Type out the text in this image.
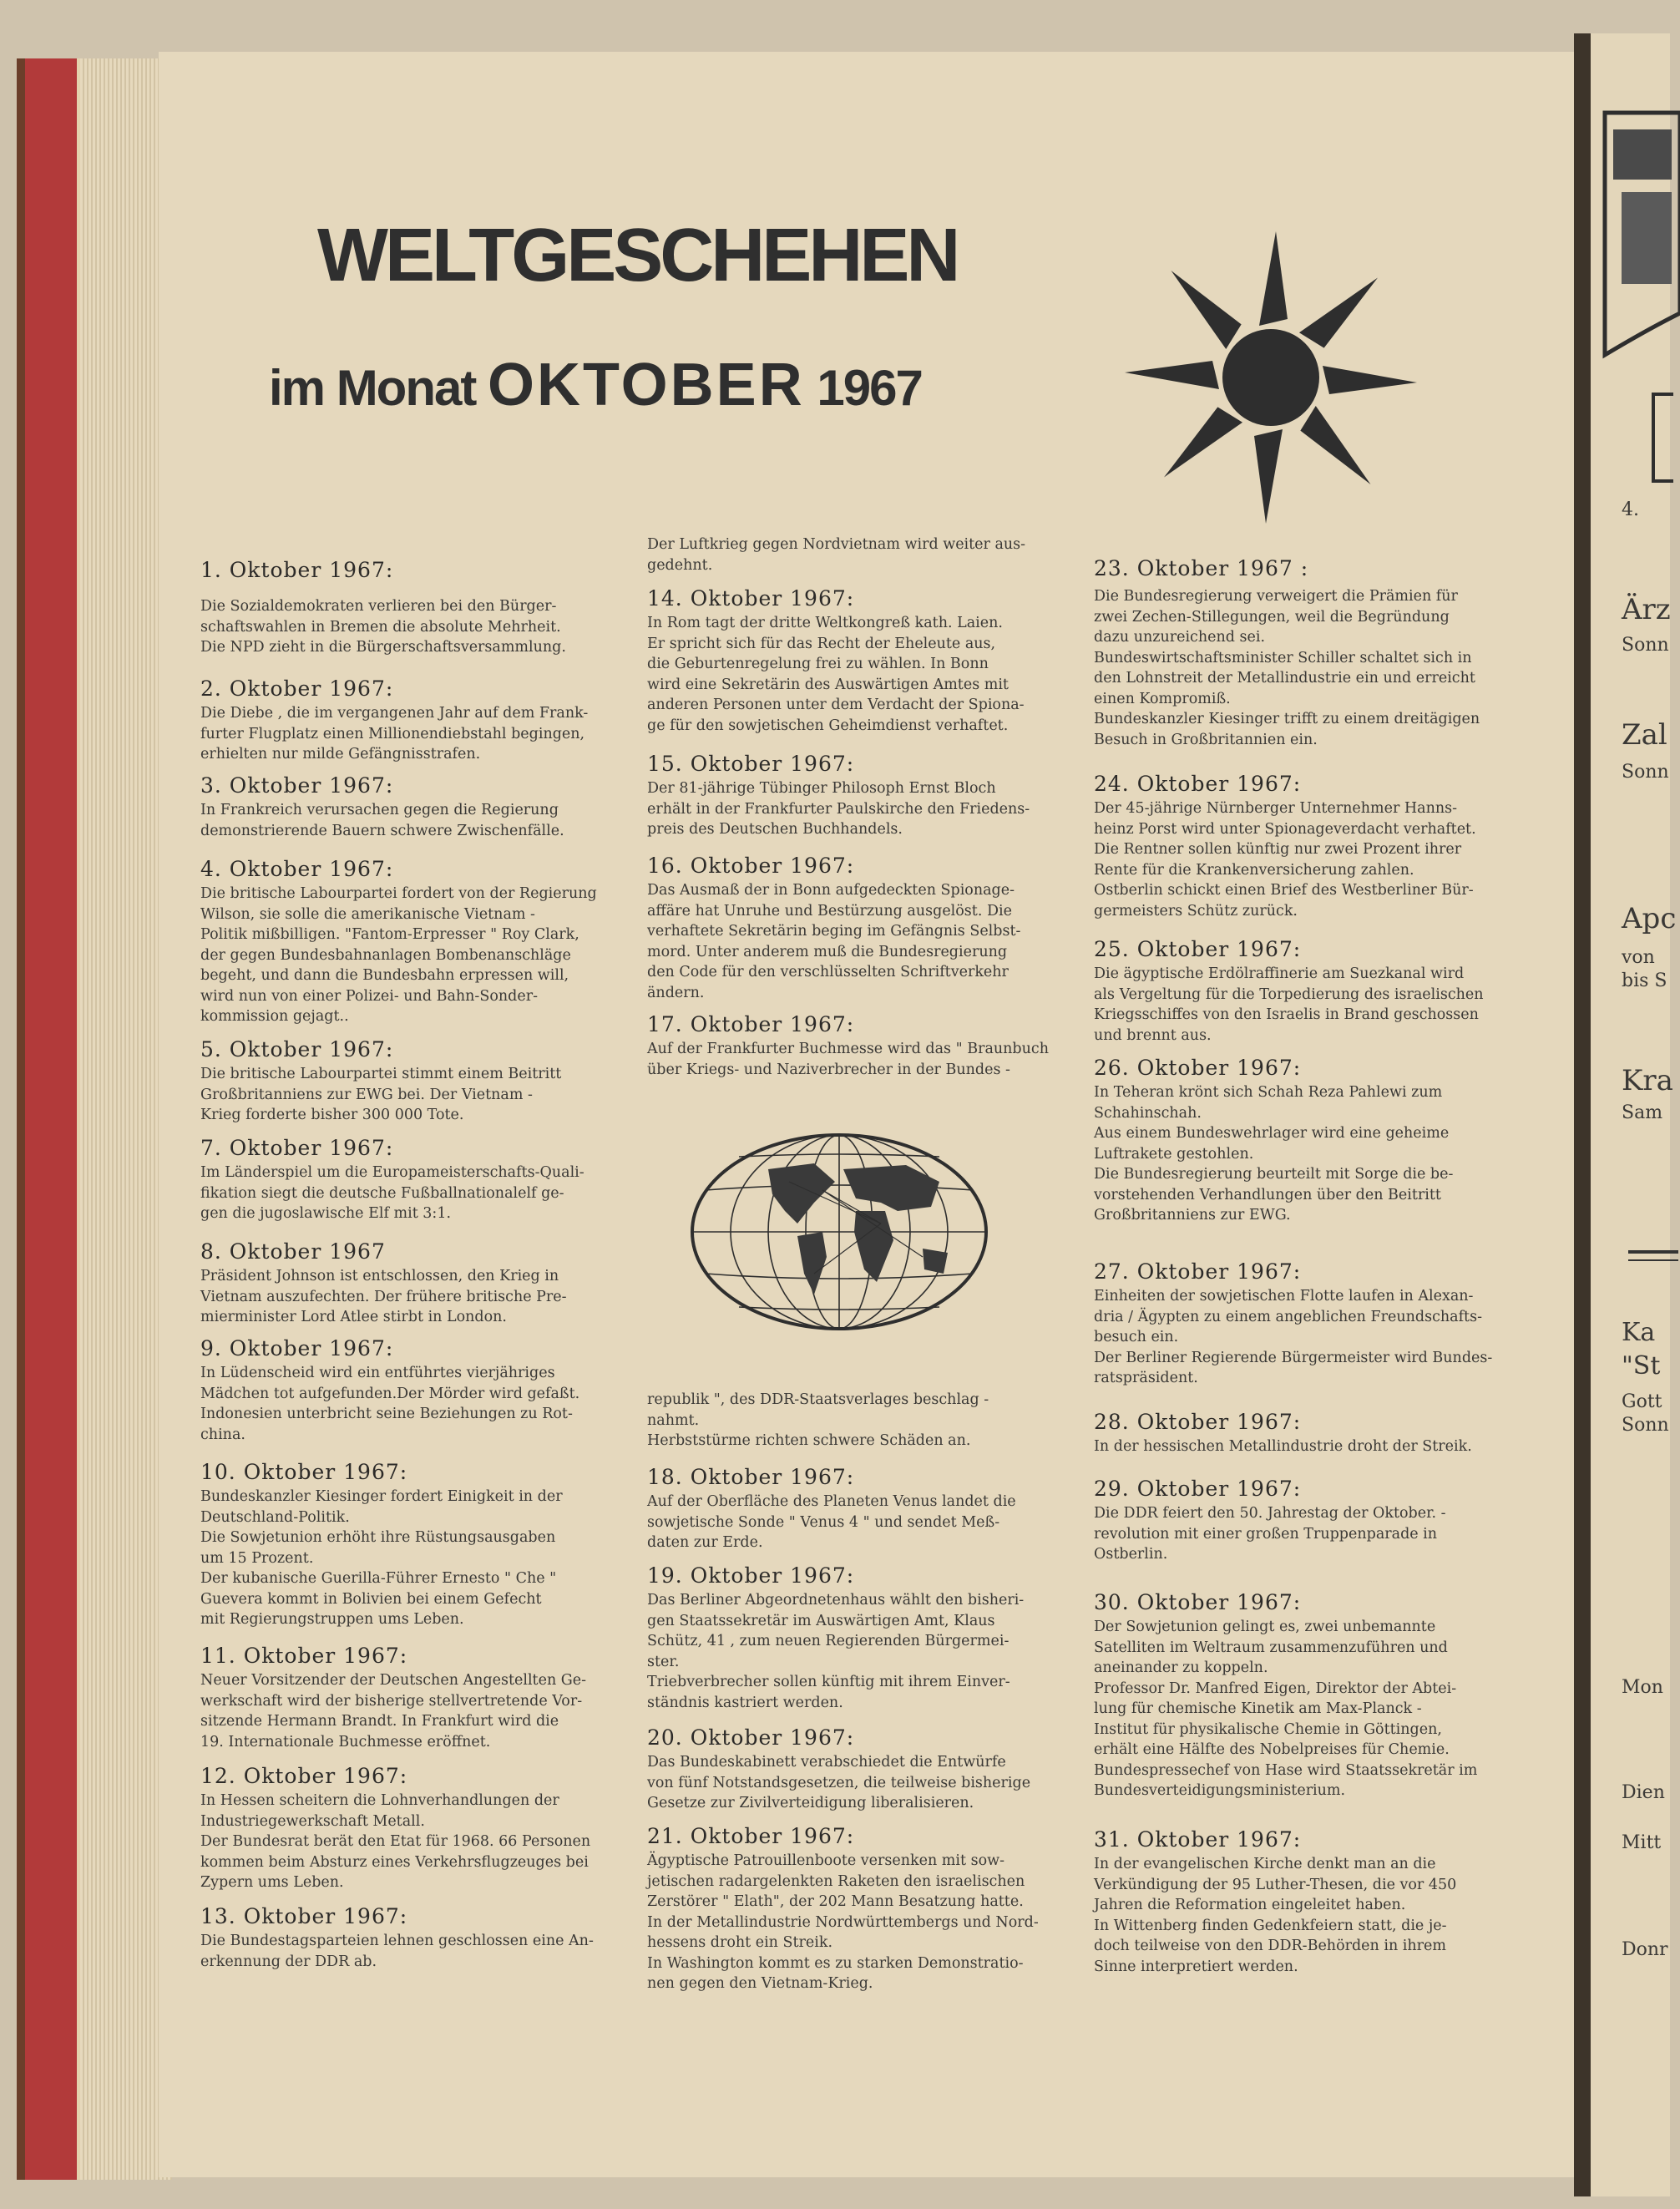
WELTGESCHEHEN
im Monat OKTOBER 1967
1. Oktober 1967:

Die Sozialdemokraten verlieren bei den Bürger-
schaftswahlen in Bremen die absolute Mehrheit.
Die NPD zieht in die Bürgerschaftsversammlung.

2. Oktober 1967:

Die Diebe , die im vergangenen Jahr auf dem Frank-
furter Flugplatz einen Millionendiebstahl begingen,
erhielten nur milde Gefängnisstrafen.

3. Oktober 1967:

In Frankreich verursachen gegen die Regierung
demonstrierende Bauern schwere Zwischenfälle.

4. Oktober 1967:

Die britische Labourpartei fordert von der Regierung
Wilson, sie solle die amerikanische Vietnam -
Politik mißbilligen. "Fantom-Erpresser " Roy Clark,
der gegen Bundesbahnanlagen Bombenanschläge
begeht, und dann die Bundesbahn erpressen will,
wird nun von einer Polizei- und Bahn-Sonder-
kommission gejagt..

5. Oktober 1967:

Die britische Labourpartei stimmt einem Beitritt
Großbritanniens zur EWG bei. Der Vietnam -
Krieg forderte bisher 300 000 Tote.

7. Oktober 1967:

Im Länderspiel um die Europameisterschafts-Quali-
fikation siegt die deutsche Fußballnationalelf ge-
gen die jugoslawische Elf mit 3:1.

8. Oktober 1967

Präsident Johnson ist entschlossen, den Krieg in
Vietnam auszufechten. Der frühere britische Pre-
mierminister Lord Atlee stirbt in London.

9. Oktober 1967:

In Lüdenscheid wird ein entführtes vierjähriges
Mädchen tot aufgefunden.Der Mörder wird gefaßt.
Indonesien unterbricht seine Beziehungen zu Rot-
china.

10. Oktober 1967:

Bundeskanzler Kiesinger fordert Einigkeit in der
Deutschland-Politik.
Die Sowjetunion erhöht ihre Rüstungsausgaben
um 15 Prozent.
Der kubanische Guerilla-Führer Ernesto " Che "
Guevera kommt in Bolivien bei einem Gefecht
mit Regierungstruppen ums Leben.

11. Oktober 1967:

Neuer Vorsitzender der Deutschen Angestellten Ge-
werkschaft wird der bisherige stellvertretende Vor-
sitzende Hermann Brandt. In Frankfurt wird die
19. Internationale Buchmesse eröffnet.

12. Oktober 1967:

In Hessen scheitern die Lohnverhandlungen der
Industriegewerkschaft Metall.
Der Bundesrat berät den Etat für 1968. 66 Personen
kommen beim Absturz eines Verkehrsflugzeuges bei
Zypern ums Leben.

13. Oktober 1967:

Die Bundestagsparteien lehnen geschlossen eine An-
erkennung der DDR ab.

Der Luftkrieg gegen Nordvietnam wird weiter aus-
gedehnt.

14. Oktober 1967:

In Rom tagt der dritte Weltkongreß kath. Laien.
Er spricht sich für das Recht der Eheleute aus,
die Geburtenregelung frei zu wählen. In Bonn
wird eine Sekretärin des Auswärtigen Amtes mit
anderen Personen unter dem Verdacht der Spiona-
ge für den sowjetischen Geheimdienst verhaftet.

15. Oktober 1967:

Der 81-jährige Tübinger Philosoph Ernst Bloch
erhält in der Frankfurter Paulskirche den Friedens-
preis des Deutschen Buchhandels.

16. Oktober 1967:

Das Ausmaß der in Bonn aufgedeckten Spionage-
affäre hat Unruhe und Bestürzung ausgelöst. Die
verhaftete Sekretärin beging im Gefängnis Selbst-
mord. Unter anderem muß die Bundesregierung
den Code für den verschlüsselten Schriftverkehr
ändern.

17. Oktober 1967:

Auf der Frankfurter Buchmesse wird das " Braunbuch
über Kriegs- und Naziverbrecher in der Bundes -

republik ", des DDR-Staatsverlages beschlag -
nahmt.
Herbststürme richten schwere Schäden an.

18. Oktober 1967:

Auf der Oberfläche des Planeten Venus landet die
sowjetische Sonde " Venus 4 " und sendet Meß-
daten zur Erde.

19. Oktober 1967:

Das Berliner Abgeordnetenhaus wählt den bisheri-
gen Staatssekretär im Auswärtigen Amt, Klaus
Schütz, 41 , zum neuen Regierenden Bürgermei-
ster.
Triebverbrecher sollen künftig mit ihrem Einver-
ständnis kastriert werden.

20. Oktober 1967:

Das Bundeskabinett verabschiedet die Entwürfe
von fünf Notstandsgesetzen, die teilweise bisherige
Gesetze zur Zivilverteidigung liberalisieren.

21. Oktober 1967:

Ägyptische Patrouillenboote versenken mit sow-
jetischen radargelenkten Raketen den israelischen
Zerstörer " Elath", der 202 Mann Besatzung hatte.
In der Metallindustrie Nordwürttembergs und Nord-
hessens droht ein Streik.
In Washington kommt es zu starken Demonstratio-
nen gegen den Vietnam-Krieg.

23. Oktober 1967 :

Die Bundesregierung verweigert die Prämien für
zwei Zechen-Stillegungen, weil die Begründung
dazu unzureichend sei.
Bundeswirtschaftsminister Schiller schaltet sich in
den Lohnstreit der Metallindustrie ein und erreicht
einen Kompromiß.
Bundeskanzler Kiesinger trifft zu einem dreitägigen
Besuch in Großbritannien ein.

24. Oktober 1967:

Der 45-jährige Nürnberger Unternehmer Hanns-
heinz Porst wird unter Spionageverdacht verhaftet.
Die Rentner sollen künftig nur zwei Prozent ihrer
Rente für die Krankenversicherung zahlen.
Ostberlin schickt einen Brief des Westberliner Bür-
germeisters Schütz zurück.

25. Oktober 1967:

Die ägyptische Erdölraffinerie am Suezkanal wird
als Vergeltung für die Torpedierung des israelischen
Kriegsschiffes von den Israelis in Brand geschossen
und brennt aus.

26. Oktober 1967:

In Teheran krönt sich Schah Reza Pahlewi zum
Schahinschah.
Aus einem Bundeswehrlager wird eine geheime
Luftrakete gestohlen.
Die Bundesregierung beurteilt mit Sorge die be-
vorstehenden Verhandlungen über den Beitritt
Großbritanniens zur EWG.

27. Oktober 1967:

Einheiten der sowjetischen Flotte laufen in Alexan-
dria / Ägypten zu einem angeblichen Freundschafts-
besuch ein.
Der Berliner Regierende Bürgermeister wird Bundes-
ratspräsident.

28. Oktober 1967:

In der hessischen Metallindustrie droht der Streik.

29. Oktober 1967:

Die DDR feiert den 50. Jahrestag der Oktober. -
revolution mit einer großen Truppenparade in
Ostberlin.

30. Oktober 1967:

Der Sowjetunion gelingt es, zwei unbemannte
Satelliten im Weltraum zusammenzuführen und
aneinander zu koppeln.
Professor Dr. Manfred Eigen, Direktor der Abtei-
lung für chemische Kinetik am Max-Planck -
Institut für physikalische Chemie in Göttingen,
erhält eine Hälfte des Nobelpreises für Chemie.
Bundespressechef von Hase wird Staatssekretär im
Bundesverteidigungsministerium.

31. Oktober 1967:

In der evangelischen Kirche denkt man an die
Verkündigung der 95 Luther-Thesen, die vor 450
Jahren die Reformation eingeleitet haben.
In Wittenberg finden Gedenkfeiern statt, die je-
doch teilweise von den DDR-Behörden in ihrem
Sinne interpretiert werden.

4.
Ärz
Sonn
Zal
Sonn
Apc
von
bis S
Kra
Sam
Ka
"St
Gott
Sonn
Mon
Dien
Mitt
Donr
